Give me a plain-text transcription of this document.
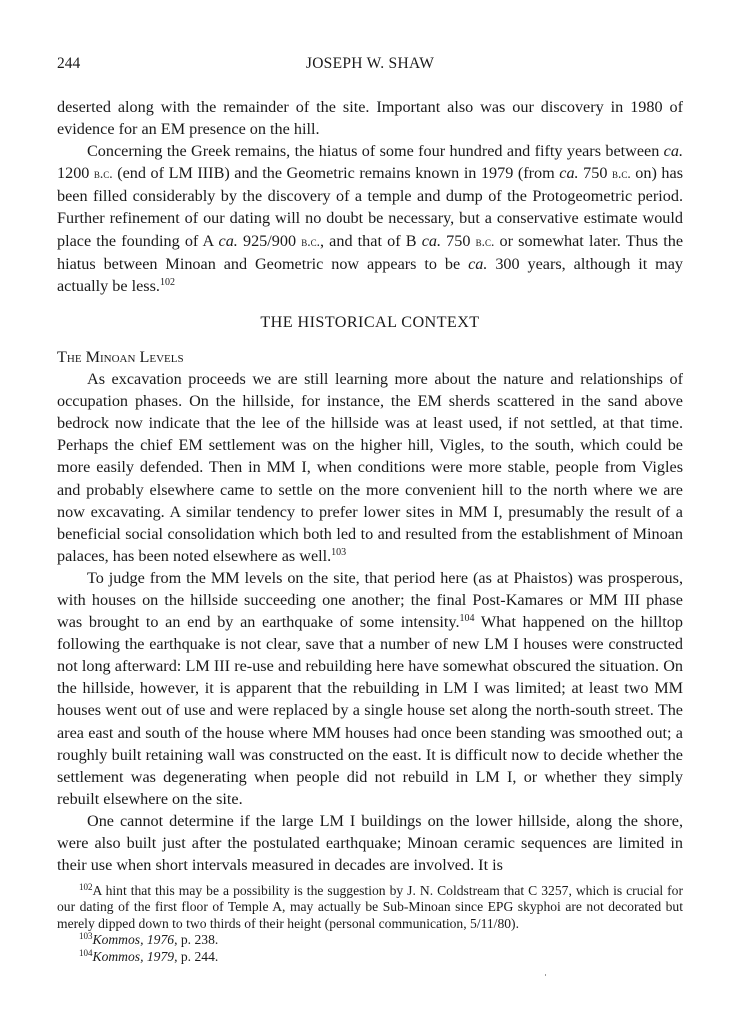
244	JOSEPH W. SHAW

deserted along with the remainder of the site. Important also was our discovery in 1980 of evidence for an EM presence on the hill.

Concerning the Greek remains, the hiatus of some four hundred and fifty years between ca. 1200 b.c. (end of LM IIIB) and the Geometric remains known in 1979 (from ca. 750 b.c. on) has been filled considerably by the discovery of a temple and dump of the Protogeometric period. Further refinement of our dating will no doubt be necessary, but a conservative estimate would place the founding of A ca. 925/900 b.c., and that of B ca. 750 b.c. or somewhat later. Thus the hiatus between Minoan and Geometric now appears to be ca. 300 years, although it may actually be less.$^{102}$

THE HISTORICAL CONTEXT
The Minoan Levels

As excavation proceeds we are still learning more about the nature and relationships of occupation phases. On the hillside, for instance, the EM sherds scattered in the sand above bedrock now indicate that the lee of the hillside was at least used, if not settled, at that time. Perhaps the chief EM settlement was on the higher hill, Vigles, to the south, which could be more easily defended. Then in MM I, when conditions were more stable, people from Vigles and probably elsewhere came to settle on the more convenient hill to the north where we are now excavating. A similar tendency to prefer lower sites in MM I, presumably the result of a beneficial social consolidation which both led to and resulted from the establishment of Minoan palaces, has been noted elsewhere as well.$^{103}$

To judge from the MM levels on the site, that period here (as at Phaistos) was prosperous, with houses on the hillside succeeding one another; the final Post-Kamares or MM III phase was brought to an end by an earthquake of some intensity.$^{104}$ What happened on the hilltop following the earthquake is not clear, save that a number of new LM I houses were constructed not long afterward: LM III re-use and rebuilding here have somewhat obscured the situation. On the hillside, however, it is apparent that the rebuilding in LM I was limited; at least two MM houses went out of use and were replaced by a single house set along the north-south street. The area east and south of the house where MM houses had once been standing was smoothed out; a roughly built retaining wall was constructed on the east. It is difficult now to decide whether the settlement was degenerating when people did not rebuild in LM I, or whether they simply rebuilt elsewhere on the site.

One cannot determine if the large LM I buildings on the lower hillside, along the shore, were also built just after the postulated earthquake; Minoan ceramic sequences are limited in their use when short intervals measured in decades are involved. It is

$^{102}$A hint that this may be a possibility is the suggestion by J. N. Coldstream that C 3257, which is crucial for our dating of the first floor of Temple A, may actually be Sub-Minoan since EPG skyphoi are not decorated but merely dipped down to two thirds of their height (personal communication, 5/11/80).

$^{103}$Kommos, 1976, p. 238.

$^{104}$Kommos, 1979, p. 244.
